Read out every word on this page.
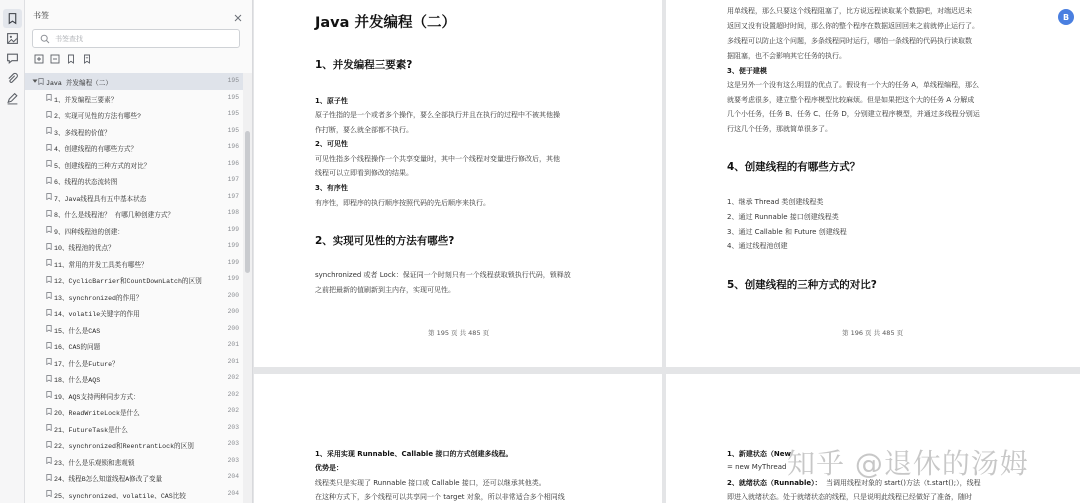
书签
书签查找
Java 并发编程（二）	195
1、并发编程三要素？	195
2、实现可见性的方法有哪些?	195
3、多线程的价值？	195
4、创建线程的有哪些方式？	196
5、创建线程的三种方式的对比？	196
6、线程的状态流转图	197
7、Java线程具有五中基本状态	197
8、什么是线程池？ 有哪几种创建方式？	198
9、四种线程池的创建：	199
10、线程池的优点？	199
11、常用的并发工具类有哪些？	199
12、CyclicBarrier和CountDownLatch的区别	199
13、synchronized的作用？	200
14、volatile关键字的作用	200
15、什么是CAS	200
16、CAS的问题	201
17、什么是Future？	201
18、什么是AQS	202
19、AQS支持两种同步方式：	202
20、ReadWriteLock是什么	202
21、FutureTask是什么	203
22、synchronized和ReentrantLock的区别	203
23、什么是乐观锁和悲观锁	203
24、线程B怎么知道线程A修改了变量	204
25、synchronized、volatile、CAS比较	204
Java 并发编程（二）
1、并发编程三要素?
1、原子性
原子性指的是一个或者多个操作，要么全部执行并且在执行的过程中不被其他操
作打断，要么就全部都不执行。
2、可见性
可见性指多个线程操作一个共享变量时，其中一个线程对变量进行修改后，其他
线程可以立即看到修改的结果。
3、有序性
有序性，即程序的执行顺序按照代码的先后顺序来执行。
2、实现可见性的方法有哪些?
synchronized 或者 Lock：保证同一个时刻只有一个线程获取锁执行代码，锁释放
之前把最新的值刷新到主内存，实现可见性。
第 195 页 共 485 页
用单线程，那么只要这个线程阻塞了，比方说远程读取某个数据吧，对端迟迟未
返回又没有设置超时时间，那么你的整个程序在数据返回回来之前就停止运行了。
多线程可以防止这个问题，多条线程同时运行，哪怕一条线程的代码执行读取数
据阻塞，也不会影响其它任务的执行。
3、便于建模
这是另外一个没有这么明显的优点了。假设有一个大的任务 A，单线程编程，那么
就要考虑很多，建立整个程序模型比较麻烦。但是如果把这个大的任务 A 分解成
几个小任务，任务 B、任务 C、任务 D，分别建立程序模型，并通过多线程分别运
行这几个任务，那就简单很多了。
4、创建线程的有哪些方式？
1、继承 Thread 类创建线程类
2、通过 Runnable 接口创建线程类
3、通过 Callable 和 Future 创建线程
4、通过线程池创建
5、创建线程的三种方式的对比?
第 196 页 共 485 页
1、采用实现 Runnable、Callable 接口的方式创建多线程。
优势是：
线程类只是实现了 Runnable 接口或 Callable 接口，还可以继承其他类。
在这种方式下，多个线程可以共享同一个 target 对象，所以非常适合多个相同线
1、新建状态（New
= new MyThread
2、就绪状态（Runnable）： 当调用线程对象的 start()方法（t.start();），线程
即进入就绪状态。处于就绪状态的线程，只是说明此线程已经做好了准备，随时
知乎 @退休的汤姆
B
